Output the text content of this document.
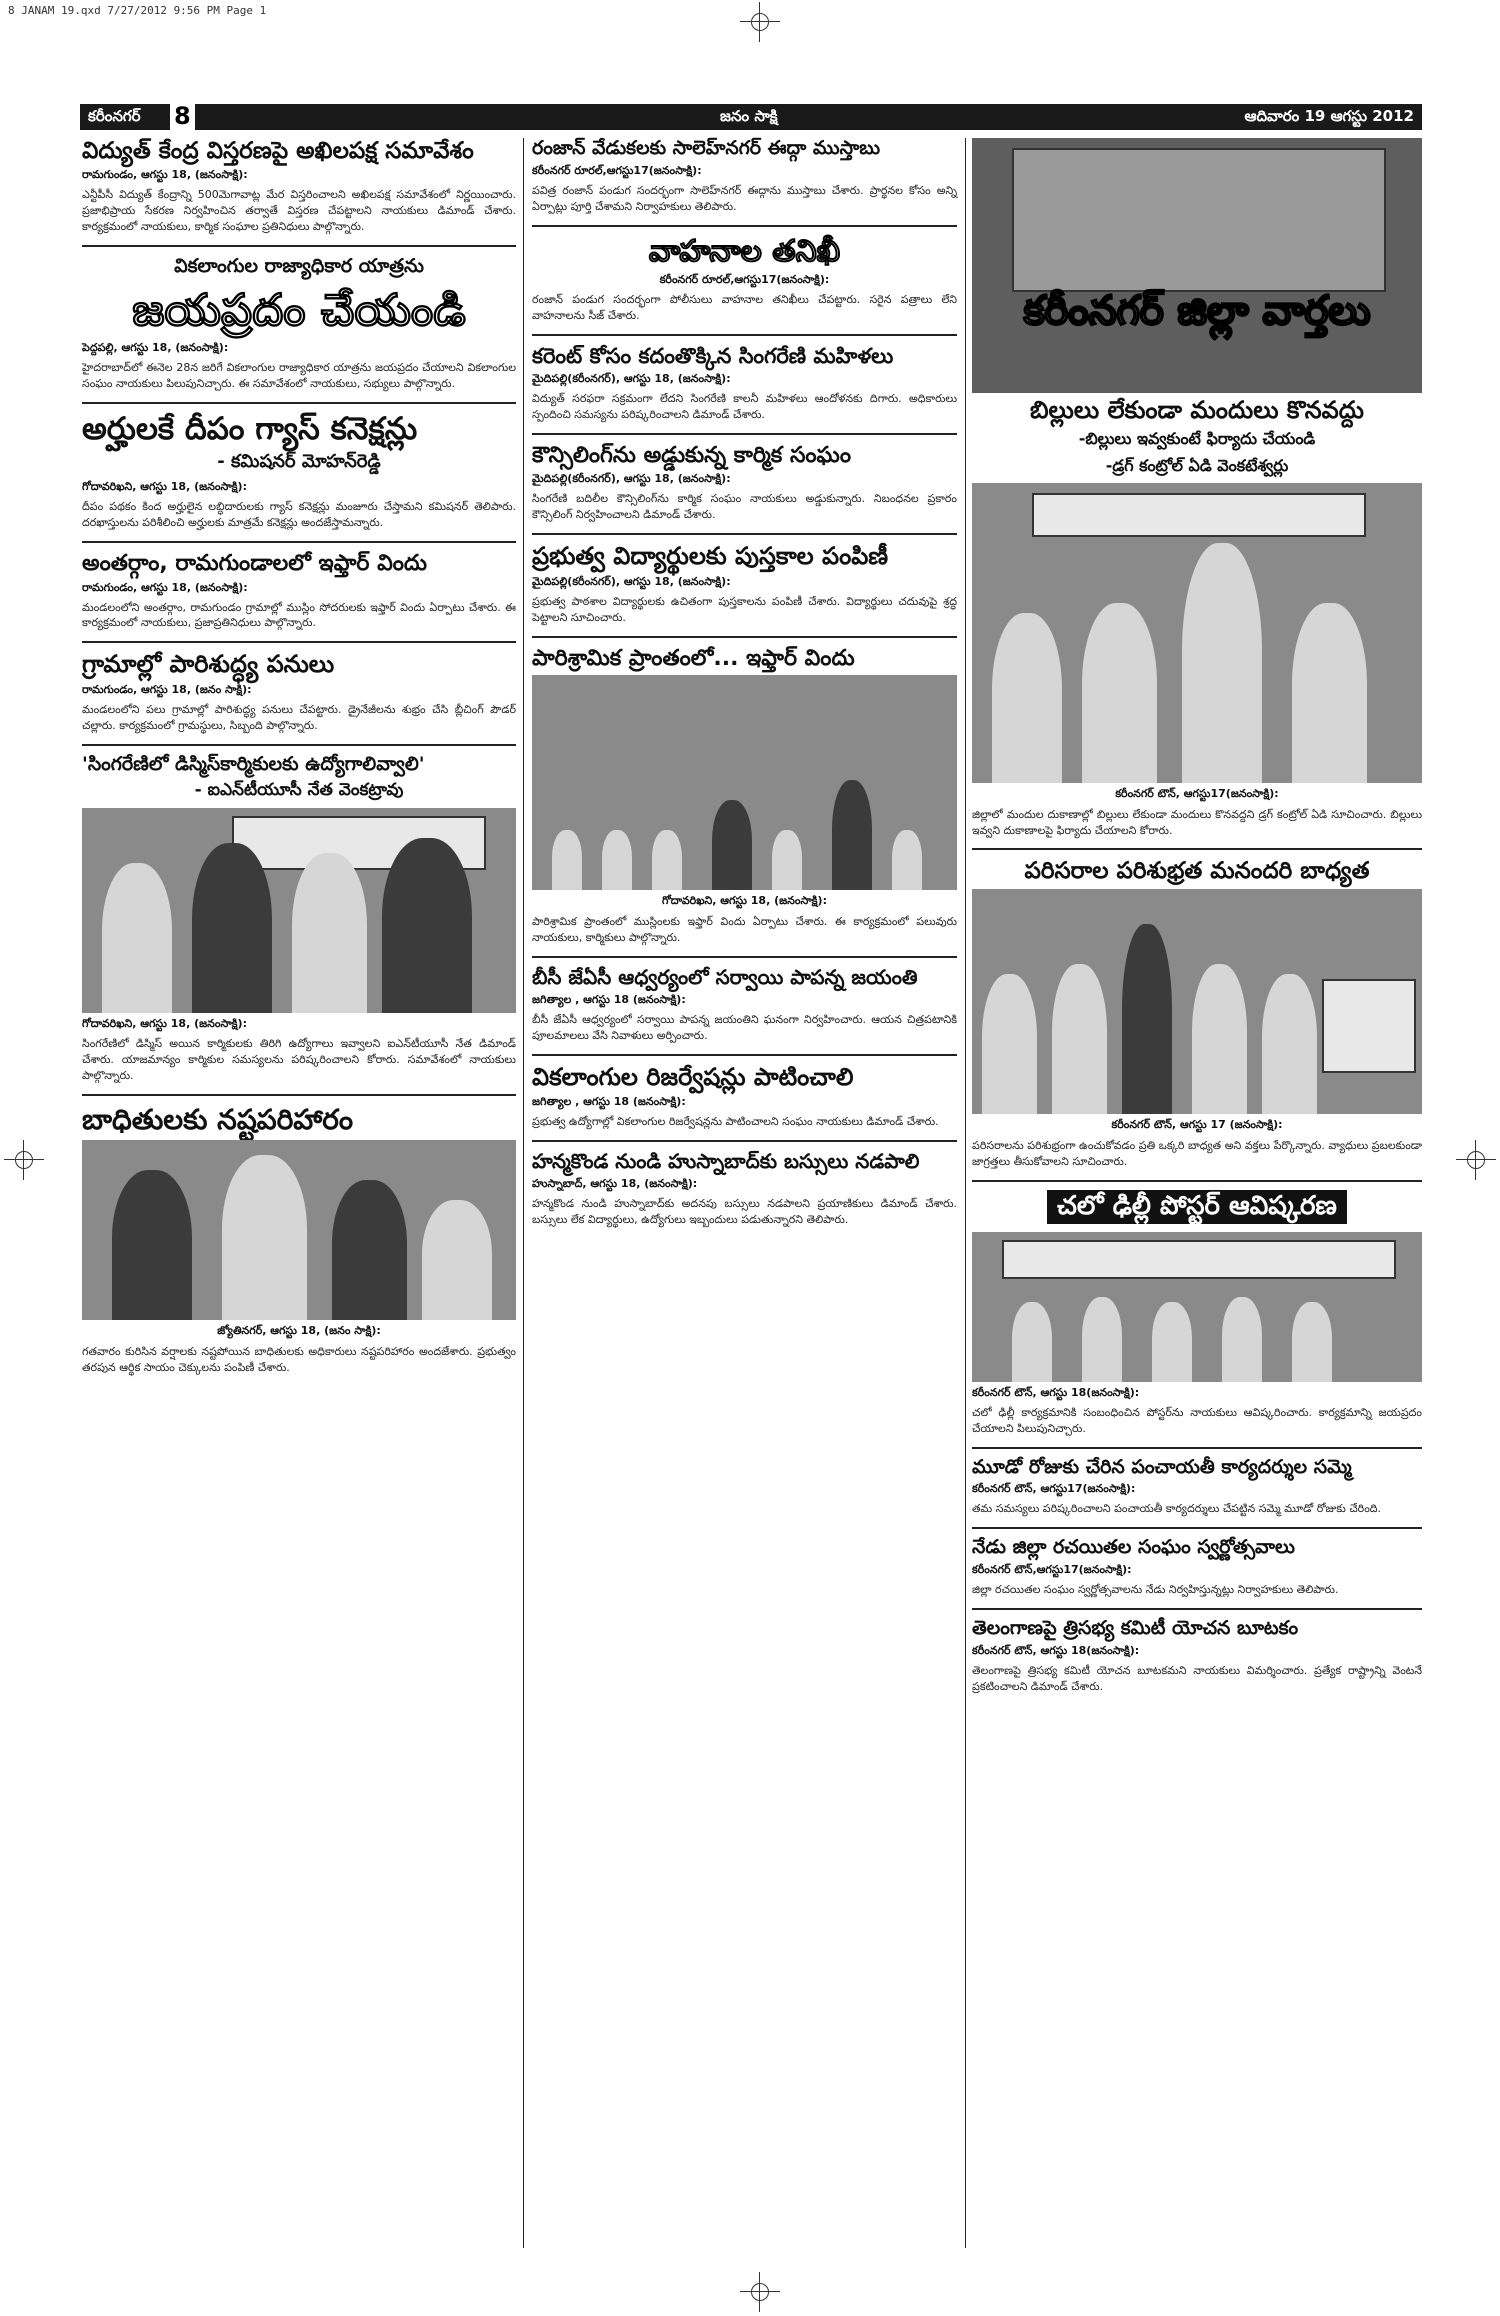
8 JANAM 19.qxd 7/27/2012 9:56 PM Page 1
కరీంనగర్ 8	జనం సాక్షి	ఆదివారం 19 ఆగస్టు 2012
విద్యుత్ కేంద్ర విస్తరణపై అఖిలపక్ష సమావేశం
రామగుండం, ఆగస్టు 18, (జనంసాక్షి):

ఎన్టీపీసీ విద్యుత్ కేంద్రాన్ని 500మెగావాట్ల మేర విస్తరించాలని అఖిలపక్ష సమావేశంలో నిర్ణయించారు. ప్రజాభిప్రాయ సేకరణ నిర్వహించిన తర్వాతే విస్తరణ చేపట్టాలని నాయకులు డిమాండ్ చేశారు. కార్యక్రమంలో నాయకులు, కార్మిక సంఘాల ప్రతినిధులు పాల్గొన్నారు.

వికలాంగుల రాజ్యాధికార యాత్రను
జయప్రదం చేయండి
పెద్దపల్లి, ఆగస్టు 18, (జనంసాక్షి):

హైదరాబాద్‌లో ఈనెల 28న జరిగే వికలాంగుల రాజ్యాధికార యాత్రను జయప్రదం చేయాలని వికలాంగుల సంఘం నాయకులు పిలుపునిచ్చారు. ఈ సమావేశంలో నాయకులు, సభ్యులు పాల్గొన్నారు.

అర్హులకే దీపం గ్యాస్ కనెక్షన్లు
- కమిషనర్ మోహన్‌రెడ్డి
గోదావరిఖని, ఆగస్టు 18, (జనంసాక్షి):

దీపం పథకం కింద అర్హులైన లబ్ధిదారులకు గ్యాస్ కనెక్షన్లు మంజూరు చేస్తామని కమిషనర్ తెలిపారు. దరఖాస్తులను పరిశీలించి అర్హులకు మాత్రమే కనెక్షన్లు అందజేస్తామన్నారు.

అంతర్గాం, రామగుండాలలో ఇఫ్తార్ విందు
రామగుండం, ఆగస్టు 18, (జనంసాక్షి):

మండలంలోని అంతర్గాం, రామగుండం గ్రామాల్లో ముస్లిం సోదరులకు ఇఫ్తార్ విందు ఏర్పాటు చేశారు. ఈ కార్యక్రమంలో నాయకులు, ప్రజాప్రతినిధులు పాల్గొన్నారు.

గ్రామాల్లో పారిశుద్ధ్య పనులు
రామగుండం, ఆగస్టు 18, (జనం సాక్షి):

మండలంలోని పలు గ్రామాల్లో పారిశుద్ధ్య పనులు చేపట్టారు. డ్రైనేజీలను శుభ్రం చేసి బ్లీచింగ్ పౌడర్ చల్లారు. కార్యక్రమంలో గ్రామస్థులు, సిబ్బంది పాల్గొన్నారు.

'సింగరేణిలో డిస్మిస్‌కార్మికులకు ఉద్యోగాలివ్వాలి'
- ఐఎన్‌టీయూసీ నేత వెంకట్రావు
గోదావరిఖని, ఆగస్టు 18, (జనంసాక్షి):

సింగరేణిలో డిస్మిస్ అయిన కార్మికులకు తిరిగి ఉద్యోగాలు ఇవ్వాలని ఐఎన్‌టీయూసీ నేత డిమాండ్ చేశారు. యాజమాన్యం కార్మికుల సమస్యలను పరిష్కరించాలని కోరారు. సమావేశంలో నాయకులు పాల్గొన్నారు.

బాధితులకు నష్టపరిహారం
జ్యోతినగర్, ఆగస్టు 18, (జనం సాక్షి):

గతవారం కురిసిన వర్షాలకు నష్టపోయిన బాధితులకు అధికారులు నష్టపరిహారం అందజేశారు. ప్రభుత్వం తరపున ఆర్థిక సాయం చెక్కులను పంపిణీ చేశారు.

రంజాన్ వేడుకలకు సాలెహ్‌నగర్ ఈద్గా ముస్తాబు
కరీంనగర్ రూరల్,ఆగస్టు17(జనంసాక్షి):

పవిత్ర రంజాన్ పండుగ సందర్భంగా సాలెహ్‌నగర్ ఈద్గాను ముస్తాబు చేశారు. ప్రార్థనల కోసం అన్ని ఏర్పాట్లు పూర్తి చేశామని నిర్వాహకులు తెలిపారు.

వాహనాల తనిఖీ
కరీంనగర్ రూరల్,ఆగస్టు17(జనంసాక్షి):

రంజాన్ పండుగ సందర్భంగా పోలీసులు వాహనాల తనిఖీలు చేపట్టారు. సరైన పత్రాలు లేని వాహనాలను సీజ్ చేశారు.

కరెంట్ కోసం కదంతొక్కిన సింగరేణి మహిళలు
మైదిపల్లి(కరీంనగర్), ఆగస్టు 18, (జనంసాక్షి):

విద్యుత్ సరఫరా సక్రమంగా లేదని సింగరేణి కాలనీ మహిళలు ఆందోళనకు దిగారు. అధికారులు స్పందించి సమస్యను పరిష్కరించాలని డిమాండ్ చేశారు.

కౌన్సిలింగ్‌ను అడ్డుకున్న కార్మిక సంఘం
మైదిపల్లి(కరీంనగర్), ఆగస్టు 18, (జనంసాక్షి):

సింగరేణి బదిలీల కౌన్సిలింగ్‌ను కార్మిక సంఘం నాయకులు అడ్డుకున్నారు. నిబంధనల ప్రకారం కౌన్సిలింగ్ నిర్వహించాలని డిమాండ్ చేశారు.

ప్రభుత్వ విద్యార్థులకు పుస్తకాల పంపిణీ
మైదిపల్లి(కరీంనగర్), ఆగస్టు 18, (జనంసాక్షి):

ప్రభుత్వ పాఠశాల విద్యార్థులకు ఉచితంగా పుస్తకాలను పంపిణీ చేశారు. విద్యార్థులు చదువుపై శ్రద్ధ పెట్టాలని సూచించారు.

పారిశ్రామిక ప్రాంతంలో... ఇఫ్తార్ విందు
గోదావరిఖని, ఆగస్టు 18, (జనంసాక్షి):

పారిశ్రామిక ప్రాంతంలో ముస్లింలకు ఇఫ్తార్ విందు ఏర్పాటు చేశారు. ఈ కార్యక్రమంలో పలువురు నాయకులు, కార్మికులు పాల్గొన్నారు.

బీసీ జేఏసీ ఆధ్వర్యంలో సర్వాయి పాపన్న జయంతి
జగిత్యాల , ఆగస్టు 18 (జనంసాక్షి):

బీసీ జేఏసీ ఆధ్వర్యంలో సర్వాయి పాపన్న జయంతిని ఘనంగా నిర్వహించారు. ఆయన చిత్రపటానికి పూలమాలలు వేసి నివాళులు అర్పించారు.

వికలాంగుల రిజర్వేషన్లు పాటించాలి
జగిత్యాల , ఆగస్టు 18 (జనంసాక్షి):

ప్రభుత్వ ఉద్యోగాల్లో వికలాంగుల రిజర్వేషన్లను పాటించాలని సంఘం నాయకులు డిమాండ్ చేశారు.

హన్మకొండ నుండి హుస్నాబాద్‌కు బస్సులు నడపాలి
హుస్నాబాద్, ఆగస్టు 18, (జనంసాక్షి):

హన్మకొండ నుండి హుస్నాబాద్‌కు అదనపు బస్సులు నడపాలని ప్రయాణికులు డిమాండ్ చేశారు. బస్సులు లేక విద్యార్థులు, ఉద్యోగులు ఇబ్బందులు పడుతున్నారని తెలిపారు.

కరీంనగర్ జిల్లా వార్తలు
బిల్లులు లేకుండా మందులు కొనవద్దు
-బిల్లులు ఇవ్వకుంటే ఫిర్యాదు చేయండి
-డ్రగ్ కంట్రోల్ ఏడి వెంకటేశ్వర్లు
కరీంనగర్ టౌన్, ఆగస్టు17(జనంసాక్షి):

జిల్లాలో మందుల దుకాణాల్లో బిల్లులు లేకుండా మందులు కొనవద్దని డ్రగ్ కంట్రోల్ ఏడి సూచించారు. బిల్లులు ఇవ్వని దుకాణాలపై ఫిర్యాదు చేయాలని కోరారు.

పరిసరాల పరిశుభ్రత మనందరి బాధ్యత
కరీంనగర్ టౌన్, ఆగస్టు 17 (జనంసాక్షి):

పరిసరాలను పరిశుభ్రంగా ఉంచుకోవడం ప్రతి ఒక్కరి బాధ్యత అని వక్తలు పేర్కొన్నారు. వ్యాధులు ప్రబలకుండా జాగ్రత్తలు తీసుకోవాలని సూచించారు.

చలో ఢిల్లీ పోస్టర్ ఆవిష్కరణ
కరీంనగర్ టౌన్, ఆగస్టు 18(జనంసాక్షి):

చలో ఢిల్లీ కార్యక్రమానికి సంబంధించిన పోస్టర్‌ను నాయకులు ఆవిష్కరించారు. కార్యక్రమాన్ని జయప్రదం చేయాలని పిలుపునిచ్చారు.

మూడో రోజుకు చేరిన పంచాయతీ కార్యదర్శుల సమ్మె
కరీంనగర్ టౌన్, ఆగస్టు17(జనంసాక్షి):

తమ సమస్యలు పరిష్కరించాలని పంచాయతీ కార్యదర్శులు చేపట్టిన సమ్మె మూడో రోజుకు చేరింది.

నేడు జిల్లా రచయితల సంఘం స్వర్ణోత్సవాలు
కరీంనగర్ టౌన్,ఆగస్టు17(జనంసాక్షి):

జిల్లా రచయితల సంఘం స్వర్ణోత్సవాలను నేడు నిర్వహిస్తున్నట్లు నిర్వాహకులు తెలిపారు.

తెలంగాణపై త్రిసభ్య కమిటీ యోచన బూటకం
కరీంనగర్ టౌన్, ఆగస్టు 18(జనంసాక్షి):

తెలంగాణపై త్రిసభ్య కమిటీ యోచన బూటకమని నాయకులు విమర్శించారు. ప్రత్యేక రాష్ట్రాన్ని వెంటనే ప్రకటించాలని డిమాండ్ చేశారు.
